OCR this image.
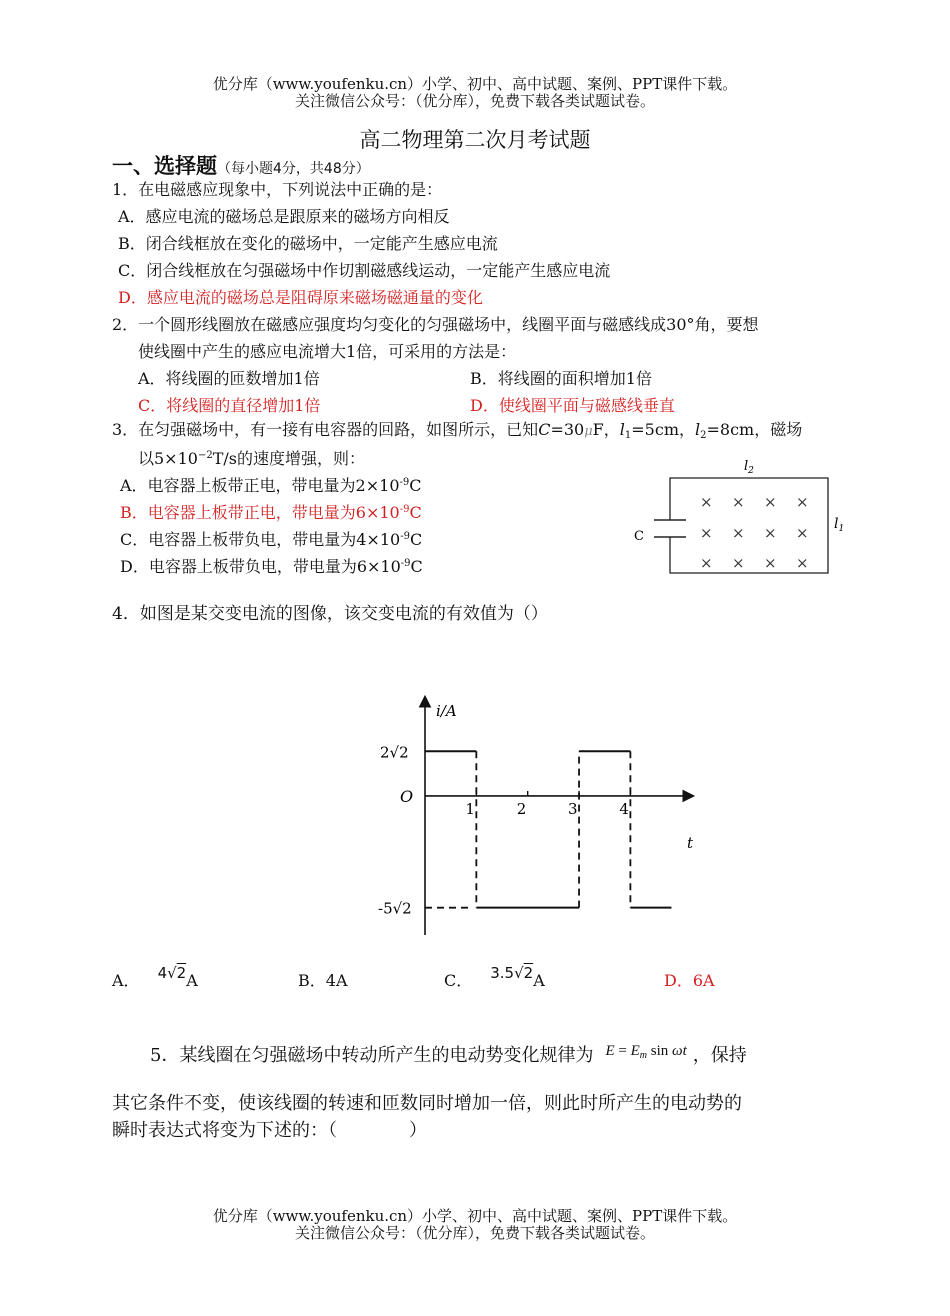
优分库（www.youfenku.cn）小学、初中、高中试题、案例、PPT课件下载。
关注微信公众号：（优分库），免费下载各类试题试卷。
高二物理第二次月考试题
一、选择题（每小题4分，共48分）
1．在电磁感应现象中，下列说法中正确的是：
A．感应电流的磁场总是跟原来的磁场方向相反
B．闭合线框放在变化的磁场中，一定能产生感应电流
C．闭合线框放在匀强磁场中作切割磁感线运动，一定能产生感应电流
D．感应电流的磁场总是阻碍原来磁场磁通量的变化
2．一个圆形线圈放在磁感应强度均匀变化的匀强磁场中，线圈平面与磁感线成30°角，要想
使线圈中产生的感应电流增大1倍，可采用的方法是：
A．将线圈的匝数增加1倍	B．将线圈的面积增加1倍
C．将线圈的直径增加1倍	D．使线圈平面与磁感线垂直
3．在匀强磁场中，有一接有电容器的回路，如图所示，已知C=30μF，$l_1=5cm$，$l_2=8cm$，磁场
以$5\times 10^{-2}T/s$的速度增强，则：
A．电容器上板带正电，带电量为$2\times 10^{-9}C$
B．电容器上板带正电，带电量为$6\times 10^{-9}C$
C．电容器上板带负电，带电量为$4\times 10^{-9}C$
D．电容器上板带负电，带电量为$6\times 10^{-9}C$
$l_2$
$l_1$
C
× × × ×
× × × ×
× × × ×
4．如图是某交变电流的图像，该交变电流的有效值为（）
i/A
t
2√2
O
-5√2
1	2	3	4
A． 4√2A	B．4A	C． 3.5√2A	D．6A
5．某线圈在匀强磁场中转动所产生的电动势变化规律为 $^{E = E_m sin \omega t}$ ，保持
其它条件不变，使该线圈的转速和匝数同时增加一倍，则此时所产生的电动势的
瞬时表达式将变为下述的：（　　　　）
优分库（www.youfenku.cn）小学、初中、高中试题、案例、PPT课件下载。
关注微信公众号：（优分库），免费下载各类试题试卷。
